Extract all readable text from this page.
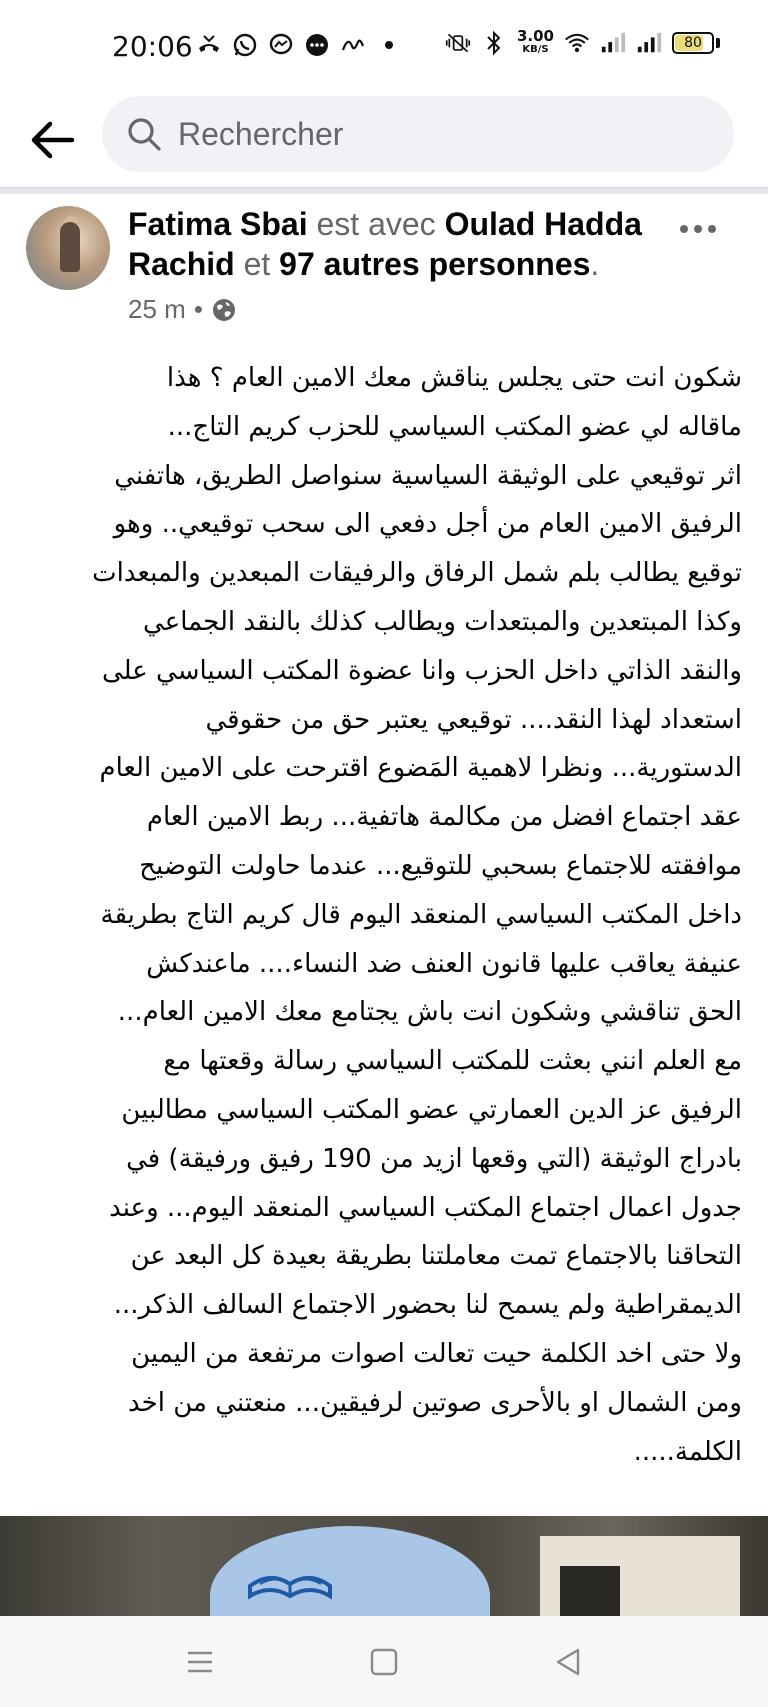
20:06	3.00
KB/S	80
Rechercher
Fatima Sbai est avec Oulad Hadda Rachid et 97 autres personnes.
25 m •

شكون انت حتى يجلس يناقش معك الامين العام ؟ هذا

ماقاله لي عضو المكتب السياسي للحزب كريم التاج...

اثر توقيعي على الوثيقة السياسية سنواصل الطريق، هاتفني

الرفيق الامين العام من أجل دفعي الى سحب توقيعي.. وهو

توقيع يطالب بلم شمل الرفاق والرفيقات المبعدين والمبعدات

وكذا المبتعدين والمبتعدات ويطالب كذلك بالنقد الجماعي

والنقد الذاتي داخل الحزب وانا عضوة المكتب السياسي على

استعداد لهذا النقد.... توقيعي يعتبر حق من حقوقي

الدستورية... ونظرا لاهمية المَضوع اقترحت على الامين العام

عقد اجتماع افضل من مكالمة هاتفية... ربط الامين العام

موافقته للاجتماع بسحبي للتوقيع... عندما حاولت التوضيح

داخل المكتب السياسي المنعقد اليوم قال كريم التاج بطريقة

عنيفة يعاقب عليها قانون العنف ضد النساء.... ماعندكش

الحق تناقشي وشكون انت باش يجتامع معك الامين العام...

مع العلم انني بعثت للمكتب السياسي رسالة وقعتها مع

الرفيق عز الدين العمارتي عضو المكتب السياسي مطالبين

بادراج الوثيقة (التي وقعها ازيد من 190 رفيق ورفيقة) في

جدول اعمال اجتماع المكتب السياسي المنعقد اليوم... وعند

التحاقنا بالاجتماع تمت معاملتنا بطريقة بعيدة كل البعد عن

الديمقراطية ولم يسمح لنا بحضور الاجتماع السالف الذكر...

ولا حتى اخد الكلمة حيت تعالت اصوات مرتفعة من اليمين

ومن الشمال او بالأحرى صوتين لرفيقين... منعتني من اخد

الكلمة.....
